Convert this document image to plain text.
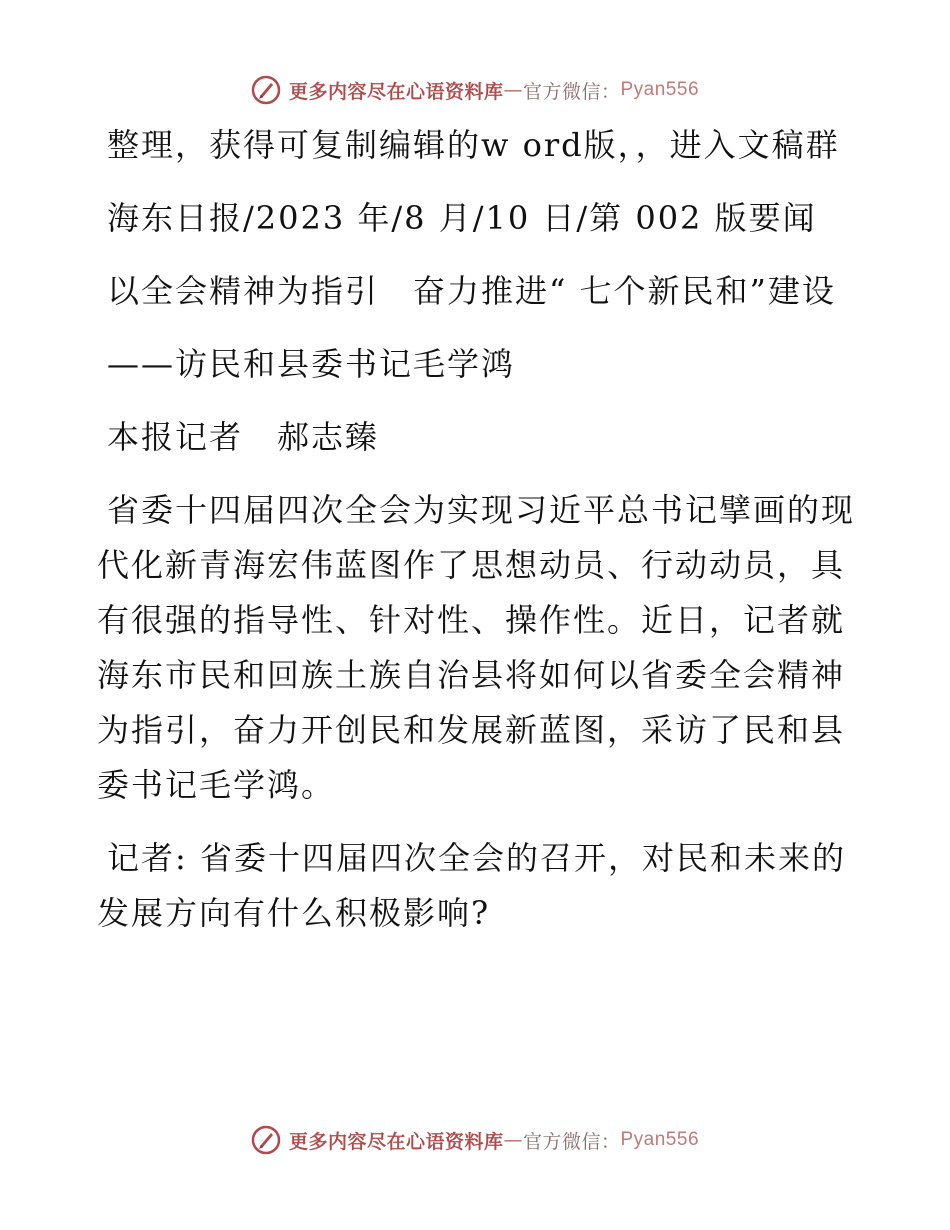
更多内容尽在心语资料库 — 官方微信： Pyan556

整理，获得可复制编辑的w ord版，，进入文稿群

海东日报/2023 年/8 月/10 日/第 002 版要闻

以全会精神为指引　奋力推进“ 七个新民和”建设

——访民和县委书记毛学鸿

本报记者　郝志臻

省委十四届四次全会为实现习近平总书记擘画的现代化新青海宏伟蓝图作了思想动员、行动动员，具有很强的指导性、针对性、操作性。近日，记者就海东市民和回族土族自治县将如何以省委全会精神为指引，奋力开创民和发展新蓝图，采访了民和县委书记毛学鸿。

记者: 省委十四届四次全会的召开，对民和未来的发展方向有什么积极影响?

更多内容尽在心语资料库 — 官方微信： Pyan556
